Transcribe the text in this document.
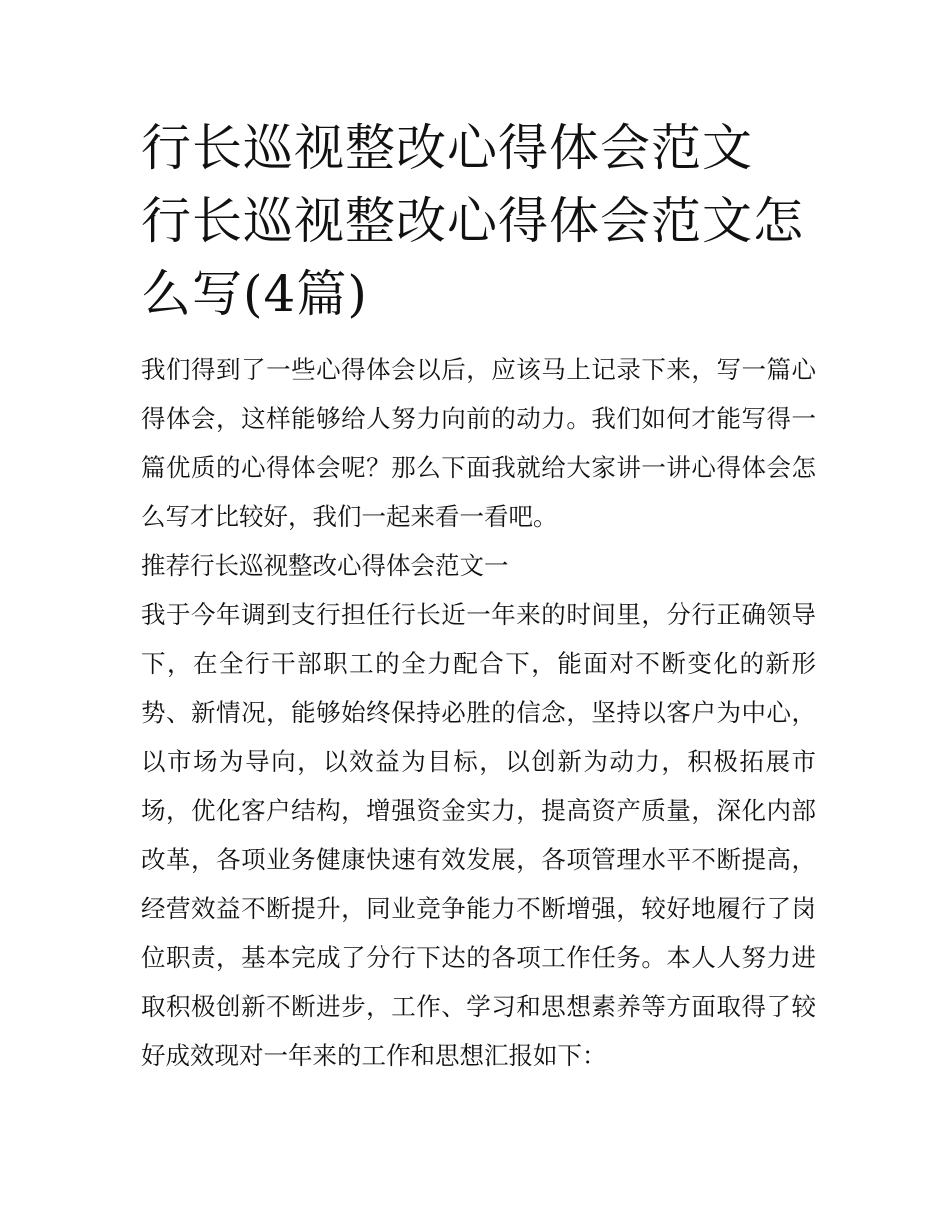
行长巡视整改心得体会范文 行长巡视整改心得体会范文怎么写(4篇)

我们得到了一些心得体会以后，应该马上记录下来，写一篇心得体会，这样能够给人努力向前的动力。我们如何才能写得一篇优质的心得体会呢？那么下面我就给大家讲一讲心得体会怎么写才比较好，我们一起来看一看吧。

推荐行长巡视整改心得体会范文一

我于今年调到支行担任行长近一年来的时间里，分行正确领导下，在全行干部职工的全力配合下，能面对不断变化的新形势、新情况，能够始终保持必胜的信念，坚持以客户为中心，以市场为导向，以效益为目标，以创新为动力，积极拓展市场，优化客户结构，增强资金实力，提高资产质量，深化内部改革，各项业务健康快速有效发展，各项管理水平不断提高，经营效益不断提升，同业竞争能力不断增强，较好地履行了岗位职责，基本完成了分行下达的各项工作任务。本人人努力进取积极创新不断进步，工作、学习和思想素养等方面取得了较好成效现对一年来的工作和思想汇报如下：
